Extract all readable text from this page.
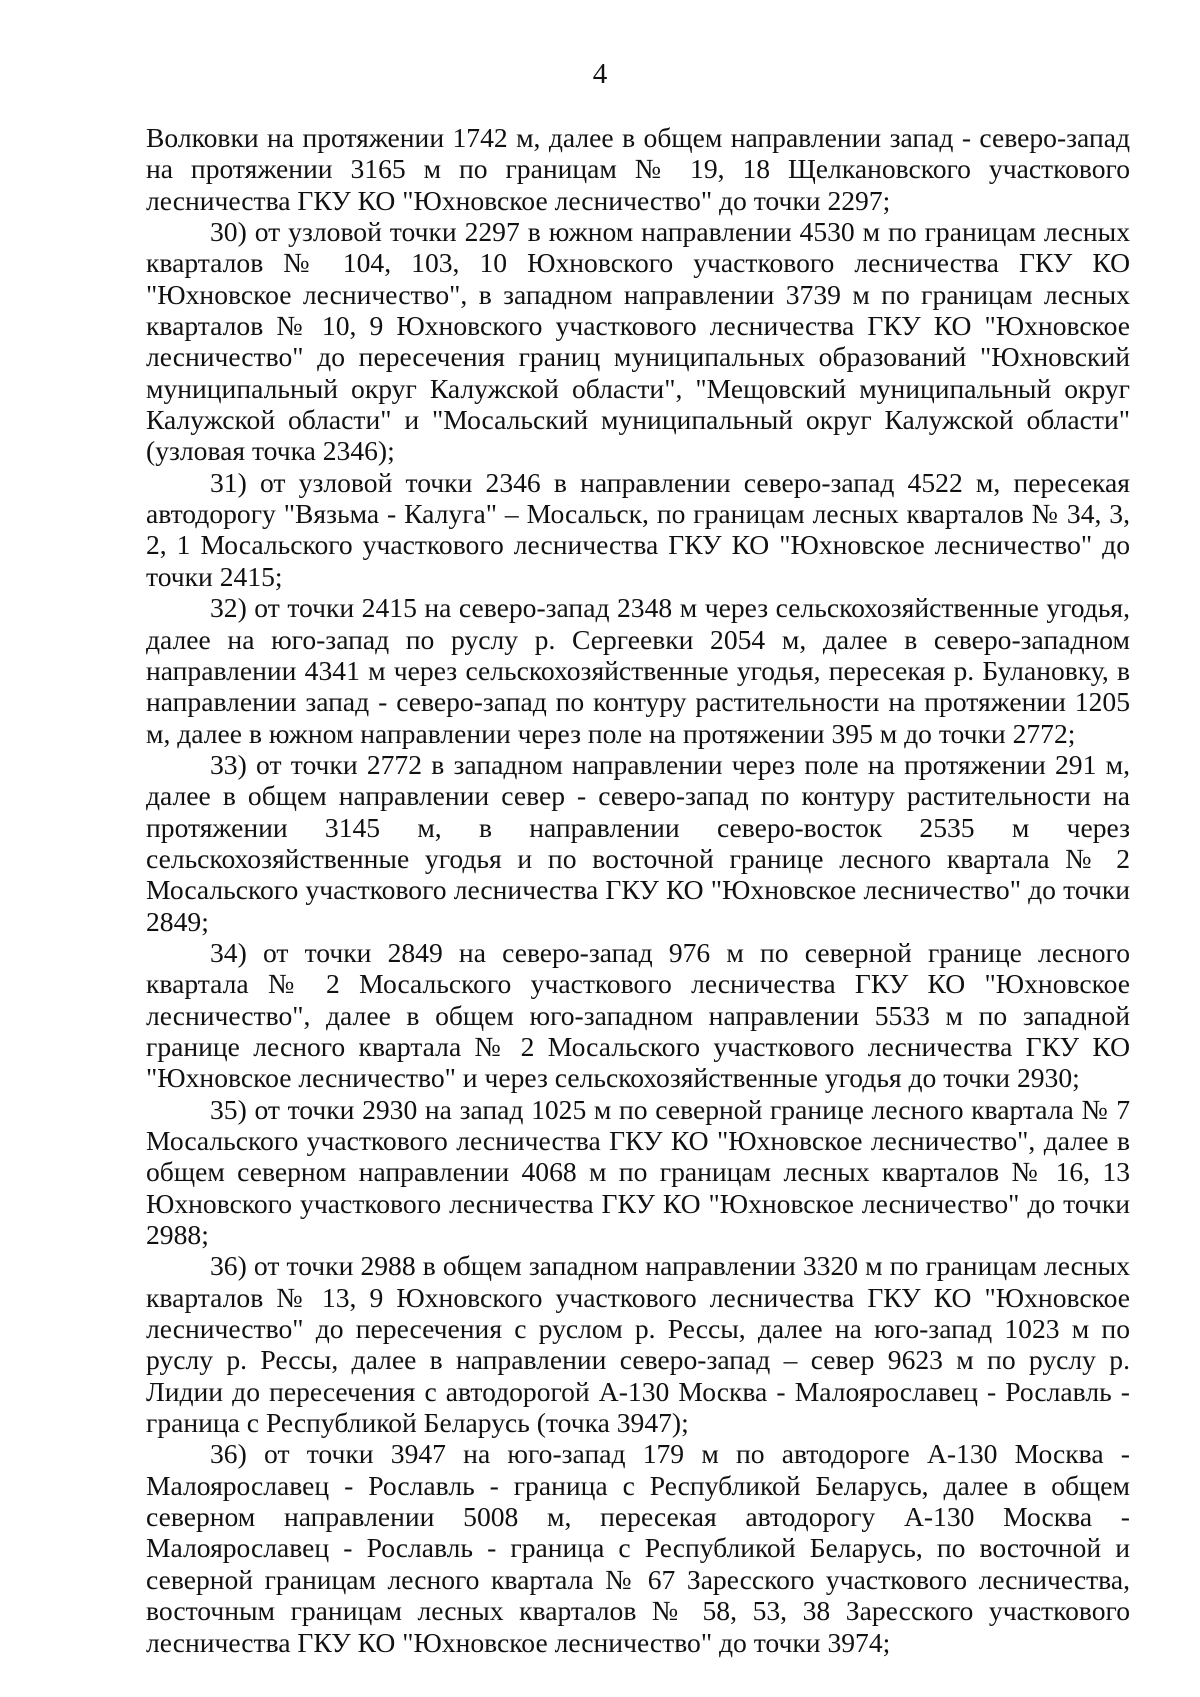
4

Волковки на протяжении 1742 м, далее в общем направлении запад - северо-запад на протяжении 3165 м по границам № 19, 18 Щелкановского участкового лесничества ГКУ КО "Юхновское лесничество" до точки 2297;

30) от узловой точки 2297 в южном направлении 4530 м по границам лесных кварталов № 104, 103, 10 Юхновского участкового лесничества ГКУ КО "Юхновское лесничество", в западном направлении 3739 м по границам лесных кварталов № 10, 9 Юхновского участкового лесничества ГКУ КО "Юхновское лесничество" до пересечения границ муниципальных образований "Юхновский муниципальный округ Калужской области", "Мещовский муниципальный округ Калужской области" и "Мосальский муниципальный округ Калужской области" (узловая точка 2346);

31) от узловой точки 2346 в направлении северо-запад 4522 м, пересекая автодорогу "Вязьма - Калуга" – Мосальск, по границам лесных кварталов № 34, 3, 2, 1 Мосальского участкового лесничества ГКУ КО "Юхновское лесничество" до точки 2415;

32) от точки 2415 на северо-запад 2348 м через сельскохозяйственные угодья, далее на юго-запад по руслу р. Сергеевки 2054 м, далее в северо-западном направлении 4341 м через сельскохозяйственные угодья, пересекая р. Булановку, в направлении запад - северо-запад по контуру растительности на протяжении 1205 м, далее в южном направлении через поле на протяжении 395 м до точки 2772;

33) от точки 2772 в западном направлении через поле на протяжении 291 м, далее в общем направлении север - северо-запад по контуру растительности на протяжении 3145 м, в направлении северо-восток 2535 м через сельскохозяйственные угодья и по восточной границе лесного квартала № 2 Мосальского участкового лесничества ГКУ КО "Юхновское лесничество" до точки 2849;

34) от точки 2849 на северо-запад 976 м по северной границе лесного квартала № 2 Мосальского участкового лесничества ГКУ КО "Юхновское лесничество", далее в общем юго-западном направлении 5533 м по западной границе лесного квартала № 2 Мосальского участкового лесничества ГКУ КО "Юхновское лесничество" и через сельскохозяйственные угодья до точки 2930;

35) от точки 2930 на запад 1025 м по северной границе лесного квартала № 7 Мосальского участкового лесничества ГКУ КО "Юхновское лесничество", далее в общем северном направлении 4068 м по границам лесных кварталов № 16, 13 Юхновского участкового лесничества ГКУ КО "Юхновское лесничество" до точки 2988;

36) от точки 2988 в общем западном направлении 3320 м по границам лесных кварталов № 13, 9 Юхновского участкового лесничества ГКУ КО "Юхновское лесничество" до пересечения с руслом р. Рессы, далее на юго-запад 1023 м по руслу р. Рессы, далее в направлении северо-запад – север 9623 м по руслу р. Лидии до пересечения с автодорогой А-130 Москва - Малоярославец - Рославль - граница с Республикой Беларусь (точка 3947);

36) от точки 3947 на юго-запад 179 м по автодороге А-130 Москва - Малоярославец - Рославль - граница с Республикой Беларусь, далее в общем северном направлении 5008 м, пересекая автодорогу А-130 Москва - Малоярославец - Рославль - граница с Республикой Беларусь, по восточной и северной границам лесного квартала № 67 Зaресского участкового лесничества, восточным границам лесных кварталов № 58, 53, 38 Зaресского участкового лесничества ГКУ КО "Юхновское лесничество" до точки 3974;
